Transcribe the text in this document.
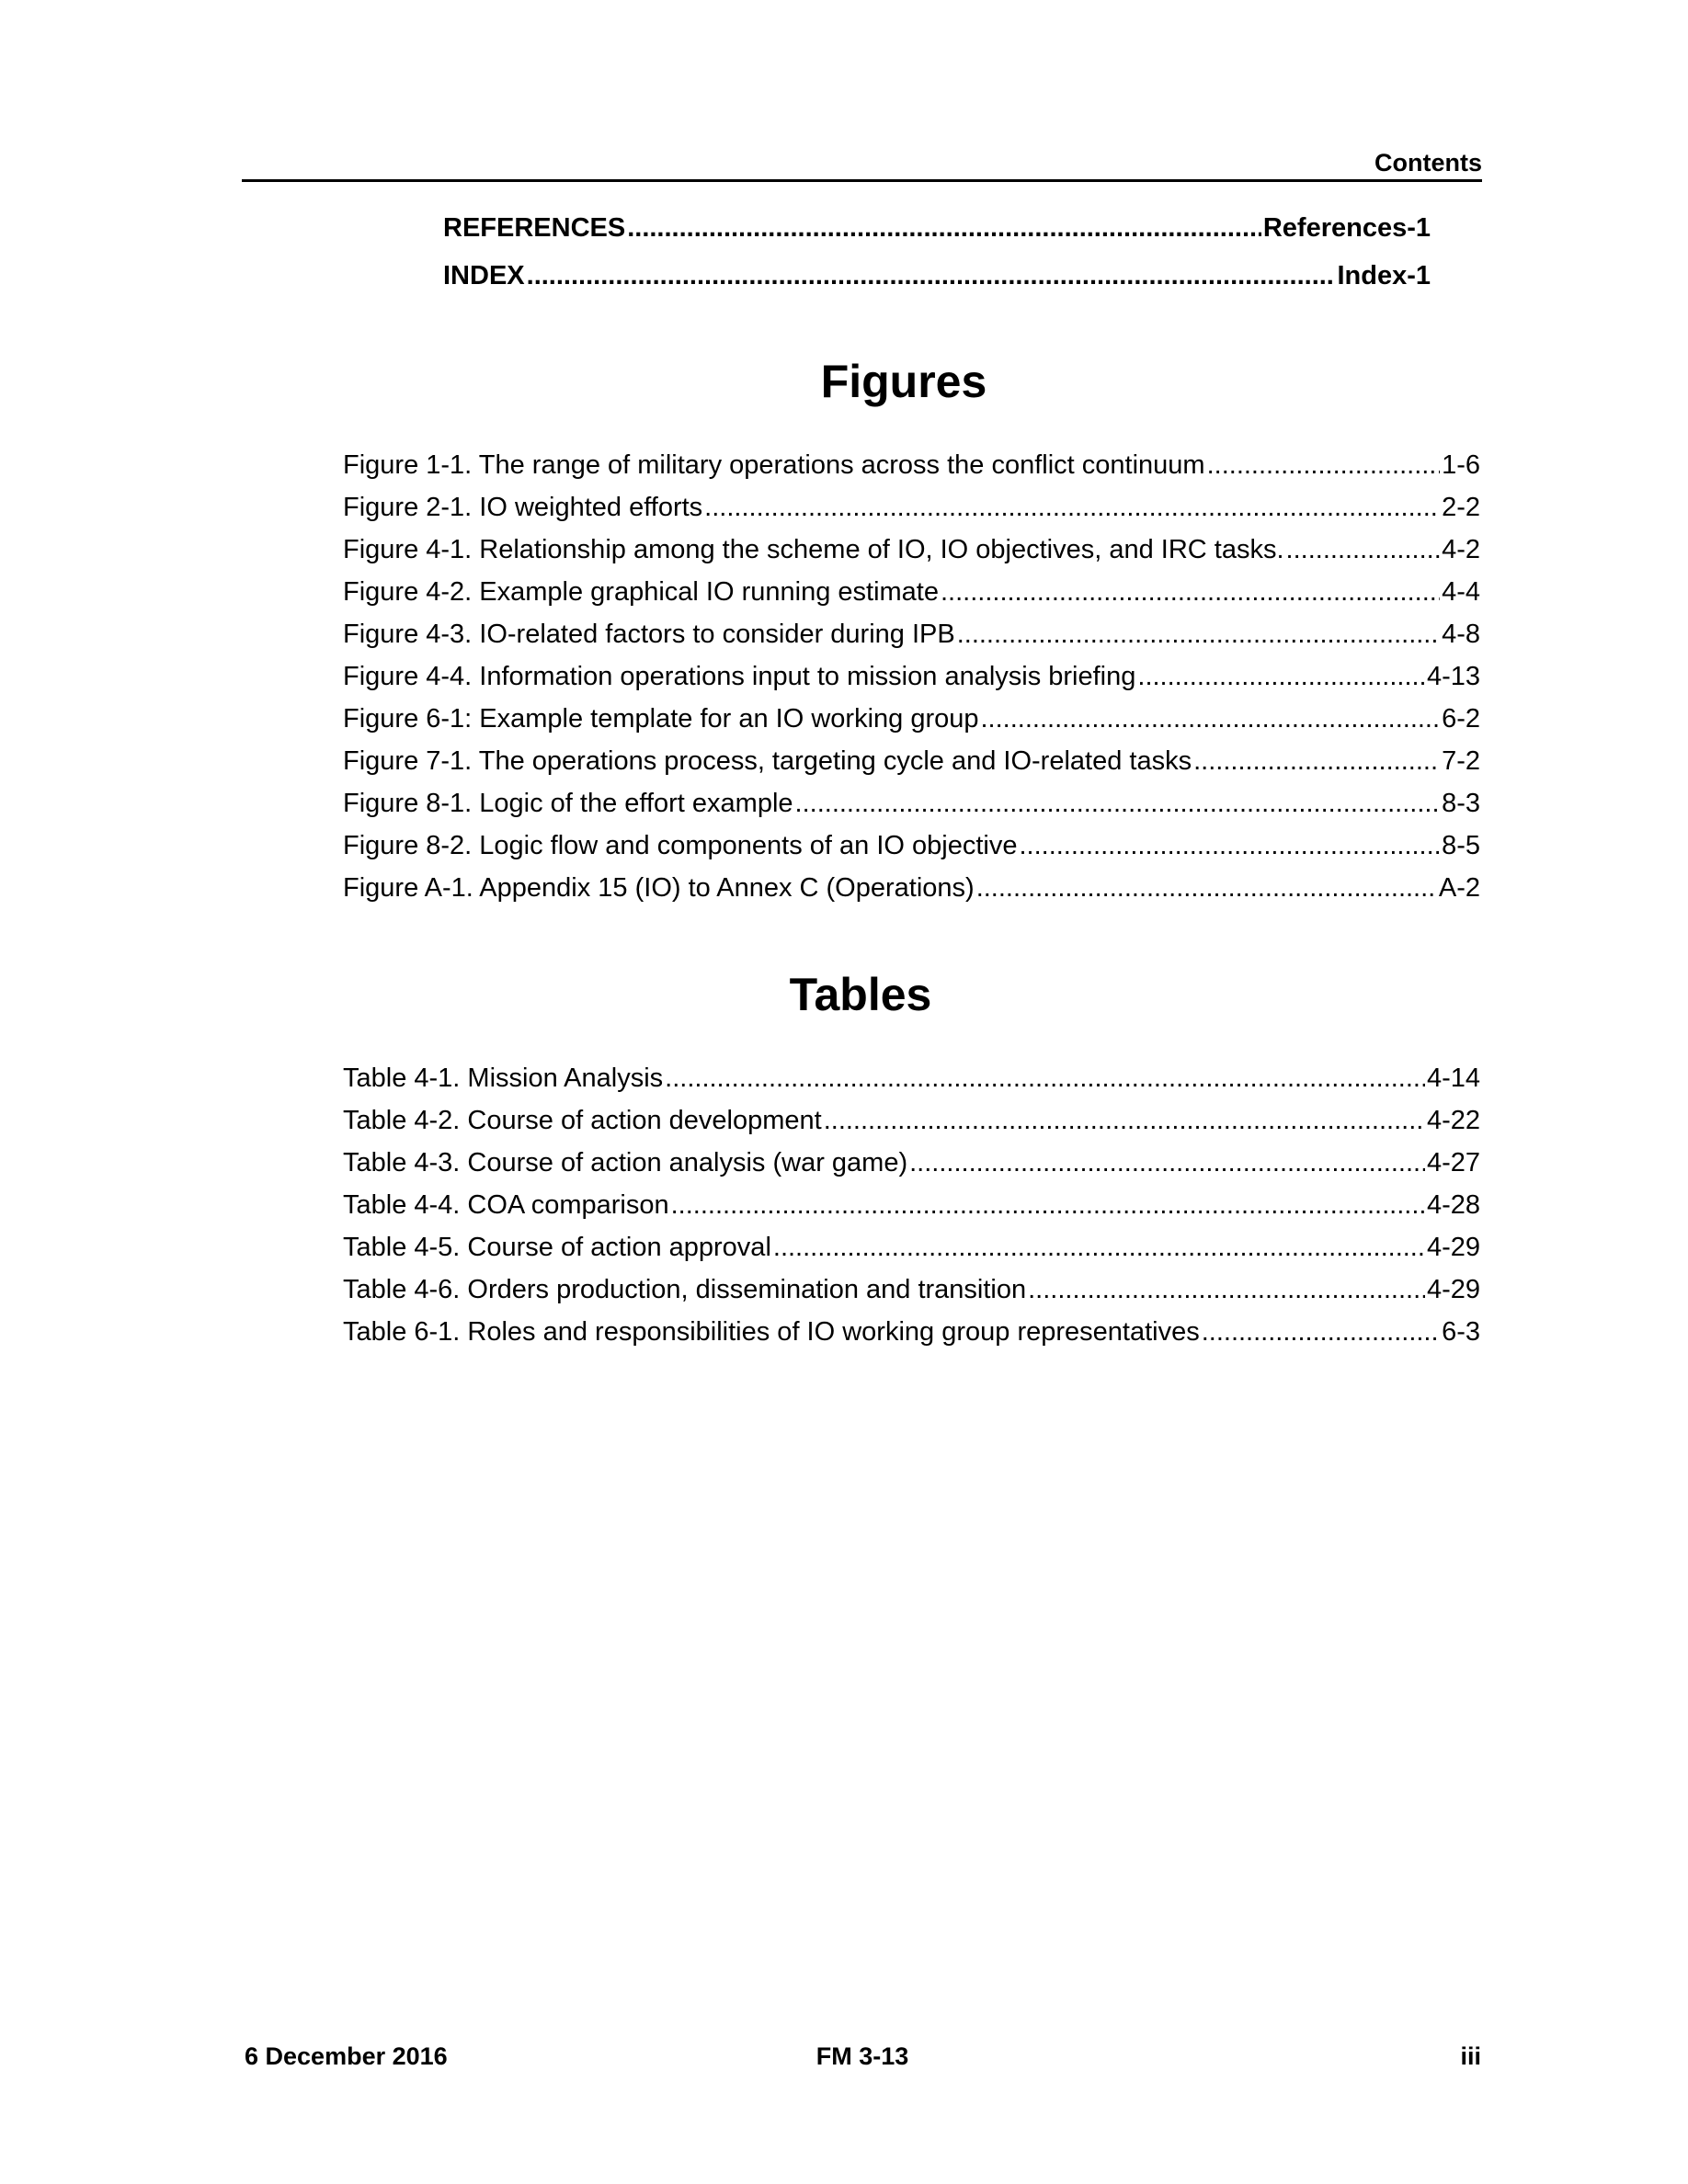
Contents
REFERENCES .....	References-1
INDEX .....	Index-1
Figures
Figure 1-1. The range of military operations across the conflict continuum .....	1-6
Figure 2-1. IO weighted efforts .....	2-2
Figure 4-1. Relationship among the scheme of IO, IO objectives, and IRC tasks. .....	4-2
Figure 4-2. Example graphical IO running estimate .....	4-4
Figure 4-3. IO-related factors to consider during IPB .....	4-8
Figure 4-4. Information operations input to mission analysis briefing .....	4-13
Figure 6-1: Example template for an IO working group .....	6-2
Figure 7-1. The operations process, targeting cycle and IO-related tasks .....	7-2
Figure 8-1. Logic of the effort example .....	8-3
Figure 8-2. Logic flow and components of an IO objective .....	8-5
Figure A-1. Appendix 15 (IO) to Annex C (Operations) .....	A-2
Tables
Table 4-1. Mission Analysis .....	4-14
Table 4-2. Course of action development .....	4-22
Table 4-3. Course of action analysis (war game) .....	4-27
Table 4-4. COA comparison .....	4-28
Table 4-5. Course of action approval .....	4-29
Table 4-6. Orders production, dissemination and transition .....	4-29
Table 6-1. Roles and responsibilities of IO working group representatives .....	6-3
6 December 2016	FM 3-13	iii
